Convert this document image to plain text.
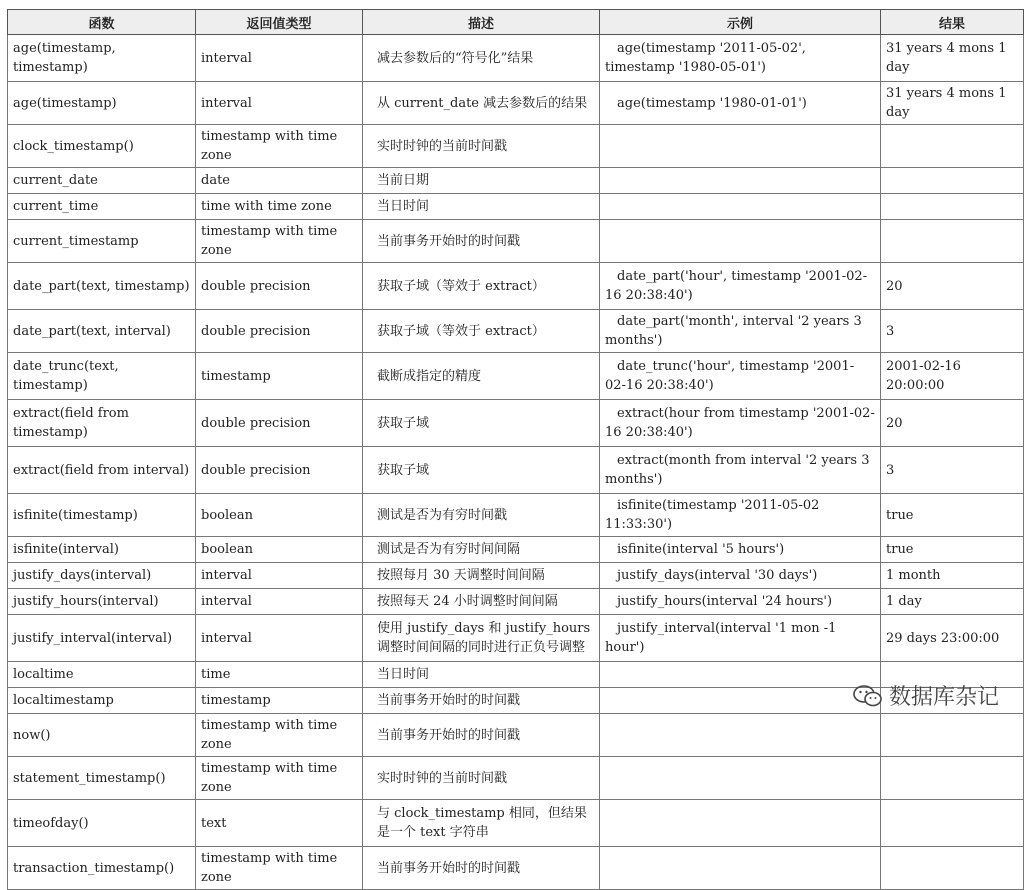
函数	返回值类型	描述	示例	结果
age(timestamp, timestamp)	interval	减去参数后的“符号化”结果	age(timestamp '2011-05-02', timestamp '1980-05-01')	31 years 4 mons 1 day
age(timestamp)	interval	从 current_date 减去参数后的结果	age(timestamp '1980-01-01')	31 years 4 mons 1 day
clock_timestamp()	timestamp with time zone	实时时钟的当前时间戳		
current_date	date	当前日期		
current_time	time with time zone	当日时间		
current_timestamp	timestamp with time zone	当前事务开始时的时间戳		
date_part(text, timestamp)	double precision	获取子域（等效于 extract）	date_part('hour', timestamp '2001-02-16 20:38:40')	20
date_part(text, interval)	double precision	获取子域（等效于 extract）	date_part('month', interval '2 years 3 months')	3
date_trunc(text, timestamp)	timestamp	截断成指定的精度	date_trunc('hour', timestamp '2001-02-16 20:38:40')	2001-02-16 20:00:00
extract(field from timestamp)	double precision	获取子域	extract(hour from timestamp '2001-02-16 20:38:40')	20
extract(field from interval)	double precision	获取子域	extract(month from interval '2 years 3 months')	3
isfinite(timestamp)	boolean	测试是否为有穷时间戳	isfinite(timestamp '2011-05-02 11:33:30')	true
isfinite(interval)	boolean	测试是否为有穷时间间隔	isfinite(interval '5 hours')	true
justify_days(interval)	interval	按照每月 30 天调整时间间隔	justify_days(interval '30 days')	1 month
justify_hours(interval)	interval	按照每天 24 小时调整时间间隔	justify_hours(interval '24 hours')	1 day
justify_interval(interval)	interval	使用 justify_days 和 justify_hours 调整时间间隔的同时进行正负号调整	justify_interval(interval '1 mon -1 hour')	29 days 23:00:00
localtime	time	当日时间		
localtimestamp	timestamp	当前事务开始时的时间戳		
now()	timestamp with time zone	当前事务开始时的时间戳		
statement_timestamp()	timestamp with time zone	实时时钟的当前时间戳		
timeofday()	text	与 clock_timestamp 相同，但结果是一个 text 字符串		
transaction_timestamp()	timestamp with time zone	当前事务开始时的时间戳		
数据库杂记
